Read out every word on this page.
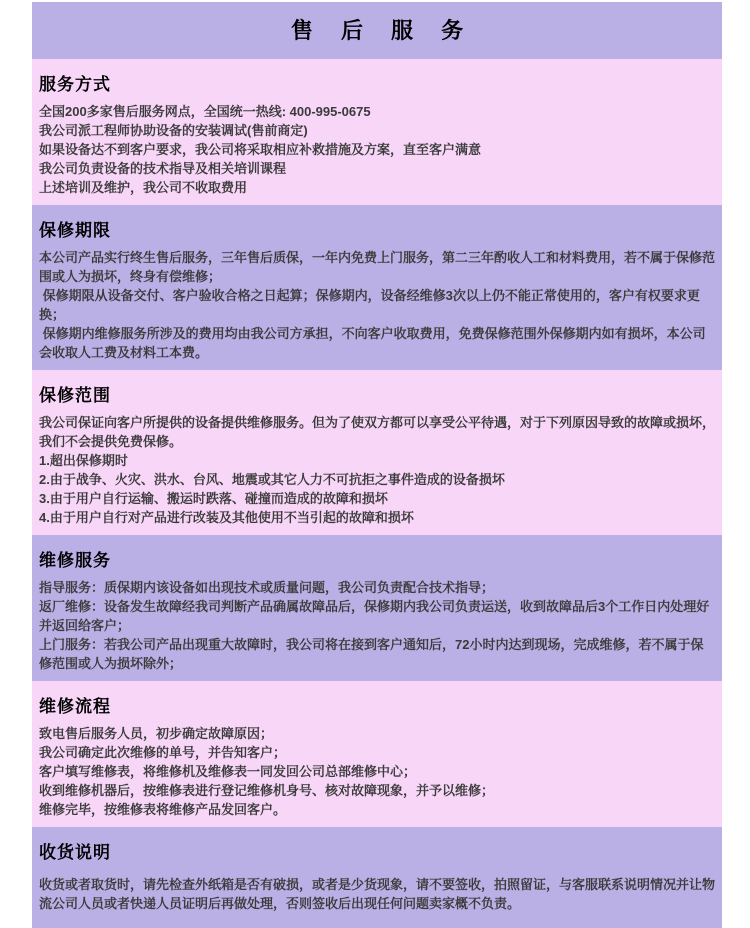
售 后 服 务
服务方式

全国200多家售后服务网点，全国统一热线: 400-995-0675

我公司派工程师协助设备的安装调试(售前商定)

如果设备达不到客户要求，我公司将采取相应补救措施及方案，直至客户满意

我公司负责设备的技术指导及相关培训课程

上述培训及维护，我公司不收取费用

保修期限

本公司产品实行终生售后服务，三年售后质保，一年内免费上门服务，第二三年酌收人工和材料费用，若不属于保修范围或人为损坏，终身有偿维修；

保修期限从设备交付、客户验收合格之日起算；保修期内，设备经维修3次以上仍不能正常使用的，客户有权要求更换；

保修期内维修服务所涉及的费用均由我公司方承担，不向客户收取费用，免费保修范围外保修期内如有损坏，本公司会收取人工费及材料工本费。

保修范围

我公司保证向客户所提供的设备提供维修服务。但为了使双方都可以享受公平待遇，对于下列原因导致的故障或损坏，我们不会提供免费保修。

1.超出保修期时

2.由于战争、火灾、洪水、台风、地震或其它人力不可抗拒之事件造成的设备损坏

3.由于用户自行运输、搬运时跌落、碰撞而造成的故障和损坏

4.由于用户自行对产品进行改装及其他使用不当引起的故障和损坏

维修服务

指导服务：质保期内该设备如出现技术或质量问题，我公司负责配合技术指导；

返厂维修：设备发生故障经我司判断产品确属故障品后，保修期内我公司负责运送，收到故障品后3个工作日内处理好并返回给客户；

上门服务：若我公司产品出现重大故障时，我公司将在接到客户通知后，72小时内达到现场，完成维修，若不属于保修范围或人为损坏除外；

维修流程

致电售后服务人员，初步确定故障原因；

我公司确定此次维修的单号，并告知客户；

客户填写维修表，将维修机及维修表一同发回公司总部维修中心；

收到维修机器后，按维修表进行登记维修机身号、核对故障现象，并予以维修；

维修完毕，按维修表将维修产品发回客户。

收货说明

收货或者取货时，请先检查外纸箱是否有破损，或者是少货现象，请不要签收，拍照留证，与客服联系说明情况并让物流公司人员或者快递人员证明后再做处理，否则签收后出现任何问题卖家概不负责。
